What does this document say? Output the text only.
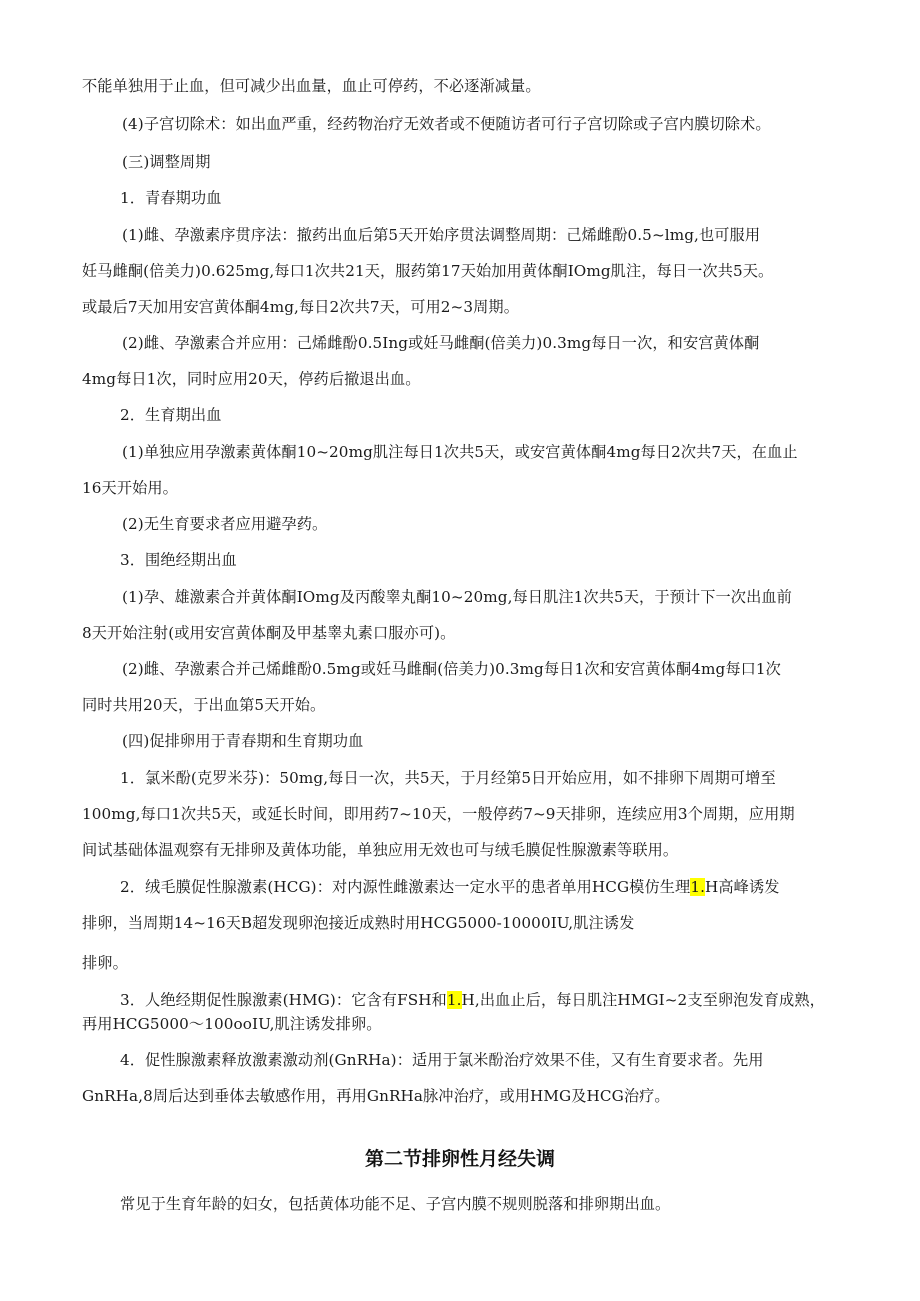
不能单独用于止血，但可减少出血量，血止可停药，不必逐渐减量。
(4)子宫切除术：如出血严重，经药物治疗无效者或不便随访者可行子宫切除或子宫内膜切除术。
(三)调整周期
1．青春期功血
(1)雌、孕激素序贯序法：撤药出血后第5天开始序贯法调整周期：己烯雌酚0.5~lmg,也可服用
妊马雌酮(倍美力)0.625mg,每口1次共21天，服药第17天始加用黄体酮IOmg肌注，每日一次共5天。
或最后7天加用安宫黄体酮4mg,每日2次共7天，可用2~3周期。
(2)雌、孕激素合并应用：己烯雌酚0.5Ing或妊马雌酮(倍美力)0.3mg每日一次，和安宫黄体酮
4mg每日1次，同时应用20天，停药后撤退出血。
2．生育期出血
(1)单独应用孕激素黄体酮10~20mg肌注每日1次共5天，或安宫黄体酮4mg每日2次共7天，在血止
16天开始用。
(2)无生育要求者应用避孕药。
3．围绝经期出血
(1)孕、雄激素合并黄体酮IOmg及丙酸睾丸酮10~20mg,每日肌注1次共5天，于预计下一次出血前
8天开始注射(或用安宫黄体酮及甲基睾丸素口服亦可)。
(2)雌、孕激素合并己烯雌酚0.5mg或妊马雌酮(倍美力)0.3mg每日1次和安宫黄体酮4mg每口1次
同时共用20天，于出血第5天开始。
(四)促排卵用于青春期和生育期功血
1．氯米酚(克罗米芬)：50mg,每日一次，共5天，于月经第5日开始应用，如不排卵下周期可增至
100mg,每口1次共5天，或延长时间，即用药7~10天，一般停药7~9天排卵，连续应用3个周期，应用期
间试基础体温观察有无排卵及黄体功能，单独应用无效也可与绒毛膜促性腺激素等联用。
2．绒毛膜促性腺激素(HCG)：对内源性雌激素达一定水平的患者单用HCG模仿生理1.H高峰诱发
排卵，当周期14~16天B超发现卵泡接近成熟时用HCG5000-10000IU,肌注诱发
排卵。
3．人绝经期促性腺激素(HMG)：它含有FSH和1.H,出血止后，每日肌注HMGI~2支至卵泡发育成熟，
再用HCG5000～100ooIU,肌注诱发排卵。
4．促性腺激素释放激素激动剂(GnRHa)：适用于氯米酚治疗效果不佳，又有生育要求者。先用
GnRHa,8周后达到垂体去敏感作用，再用GnRHa脉冲治疗，或用HMG及HCG治疗。
第二节排卵性月经失调
常见于生育年龄的妇女，包括黄体功能不足、子宫内膜不规则脱落和排卵期出血。
